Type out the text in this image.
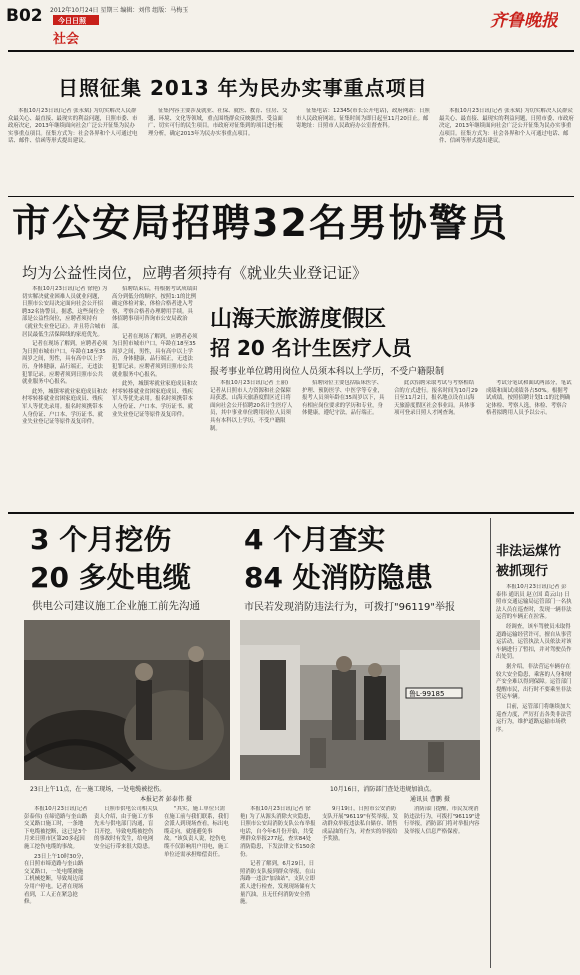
B02 2012年10月24日 星期三 编辑：刘伟 组版：马梅玉
今日日照
社会
齐鲁晚报
日照征集 2013 年为民办实事重点项目

本报10月23日讯(记者 张永斌) 为切实解决人民群众最关心、最直接、最现实的利益问题，日照市委、市政府决定，2013年继续面向社会广泛公开征集为民办实事重点项目。征集方式为：社会各界和个人可通过电话、邮件、信函等形式提出建议。

征集内容主要涉及就业、社保、就医、教育、住房、交通、环境、文化等领域，重点围绕群众反映强烈、受益面广、切实可行的民生项目。市政府对征集到的项目进行梳理分析，确定2013年为民办实事重点项目。

征集电话：12345(市长公开电话)，政府网站：日照市人民政府网站。征集时间为即日起至11月20日止。邮寄地址：日照市人民政府办公室督查科。

本报10月23日讯(记者 张永斌) 为切实解决人民群众最关心、最直接、最现实的利益问题，日照市委、市政府决定，2013年继续面向社会广泛公开征集为民办实事重点项目。征集方式为：社会各界和个人可通过电话、邮件、信函等形式提出建议。

市公安局招聘32名男协警员
均为公益性岗位，应聘者须持有《就业失业登记证》

本报10月23日讯(记者 徐艳) 为切实解决就业困难人员就业问题，日照市公安局决定面向社会公开招聘32名协警员。据悉，这些岗位全部是公益性岗位，应聘者须持有《就业失业登记证》。并且符合城市居民最低生活保障线的家庭优先。

记者在现场了解到，应聘者必须为日照市城市户口，年龄在18至35周岁之间，男性，具有高中以上学历，身体健康，品行端正，无违法犯罪记录。应聘者须到日照市公共就业服务中心报名。

此外，城镇零就业家庭成员和农村零转移就业贫困家庭成员、残疾军人等优先录用。报名时须携带本人身份证、户口本、学历证书、就业失业登记证等原件及复印件。

招聘结束后，将根据考试成绩由高分到低分的顺序，按照1:1的比例确定体检对象，体检合格者进入考察，考察合格者办理聘用手续。具体招聘事项可咨询市公安局政治部。

记者在现场了解到，应聘者必须为日照市城市户口，年龄在18至35周岁之间，男性，具有高中以上学历，身体健康，品行端正，无违法犯罪记录。应聘者须到日照市公共就业服务中心报名。

此外，城镇零就业家庭成员和农村零转移就业贫困家庭成员、残疾军人等优先录用。报名时须携带本人身份证、户口本、学历证书、就业失业登记证等原件及复印件。

山海天旅游度假区
招 20 名计生医疗人员
报考事业单位聘用岗位人员须本科以上学历，不受户籍限制

本报10月23日讯(记者 王丽) 记者从日照市人力资源和社会保障局获悉，山海天旅游度假区近日将面向社会公开招聘20名计生医疗人员，其中事业单位聘用岗位人员须具有本科以上学历，不受户籍限制。

招聘岗位主要包括临床医学、护理、预防医学、中医学等专业，报考人员须年龄在35周岁以下，具有相应岗位要求的学历和专业，身体健康，遵纪守法，品行端正。

此次招聘采取考试与考察相结合的方式进行。报名时间为10月29日至11月2日，报名地点设在山海天旅游度假区社会事业局。具体事项可登录日照人才网查询。

考试分笔试和面试两部分，笔试成绩和面试成绩各占50%。根据考试成绩，按照招聘计划1:1的比例确定体检、考察人选，体检、考察合格者拟聘用人员予以公示。

3 个月挖伤
20 多处电缆
供电公司建议施工企业施工前先沟通
23日上午11点，在一施工现场，一处电缆被挖伤。
本报记者 彭泰伟 摄

本报10月23日讯(记者 彭泰伟) 在缔造路与奎山路交叉路口施工时，一条地下电缆被挖断，这已是3个月来日照市区第20多起因施工挖伤电缆的事故。

23日上午10时30分，在日照市缔造路与奎山路交叉路口，一处电缆被施工机械挖断，导致周边部分用户停电。记者在现场看到，工人正在紧急抢修。

日照市供电公司相关负责人介绍，由于施工方事先未与供电部门沟通，盲目开挖，导致电缆被挖伤的事故时有发生，给电网安全运行带来很大隐患。

"其实，施工单位只需在施工前与我们联系，我们会派人到现场查看，标出电缆走向，就能避免事故。"该负责人说，挖伤电缆不仅影响用户用电，施工单位还需承担赔偿责任。

4 个月查实
84 处消防隐患
市民若发现消防违法行为，可拨打"96119"举报
鲁L·99185
10月16日，消防部门查处违规加油点。
通讯员 曹鹏 摄

本报10月23日讯(记者 徐艳) 为了从源头消除火灾隐患，日照市公安局消防支队公布举报电话，自今年6月份开始，共受理群众举报277起，查实84处消防隐患，下发法律文书150余份。

记者了解到，6月29日，日照消防支队接到群众举报，在山海路一违法"加油站"，支队立即派人进行检查，发现现场储有大量汽油，且无任何消防安全措施。

9月19日，日照市公安消防支队开展"96119"有奖举报，发动群众举报违法私自储存、销售成品油的行为，对查实的举报给予奖励。

消防部门提醒，市民发现消防违法行为，可拨打"96119"进行举报，消防部门将对举报内容及举报人信息严格保密。

非法运煤竹
被抓现行

本报10月23日讯(记者 彭泰伟 通讯员 赵立国 葛云山) 日照市交通运输局运管部门一名执法人员在巡查时，发现一辆非法运营的车辆正在拉客。

经调查，该车驾驶员未取得道路运输经营许可，擅自从事营运活动，运管执法人员依法对该车辆进行了暂扣，并对驾驶员作出处罚。

据介绍，非法营运车辆存在较大安全隐患，乘客的人身和财产安全难以得到保障。运管部门提醒市民，出行时不要乘坐非法营运车辆。

目前，运管部门将继续加大巡查力度，严厉打击各类非法营运行为，维护道路运输市场秩序。
